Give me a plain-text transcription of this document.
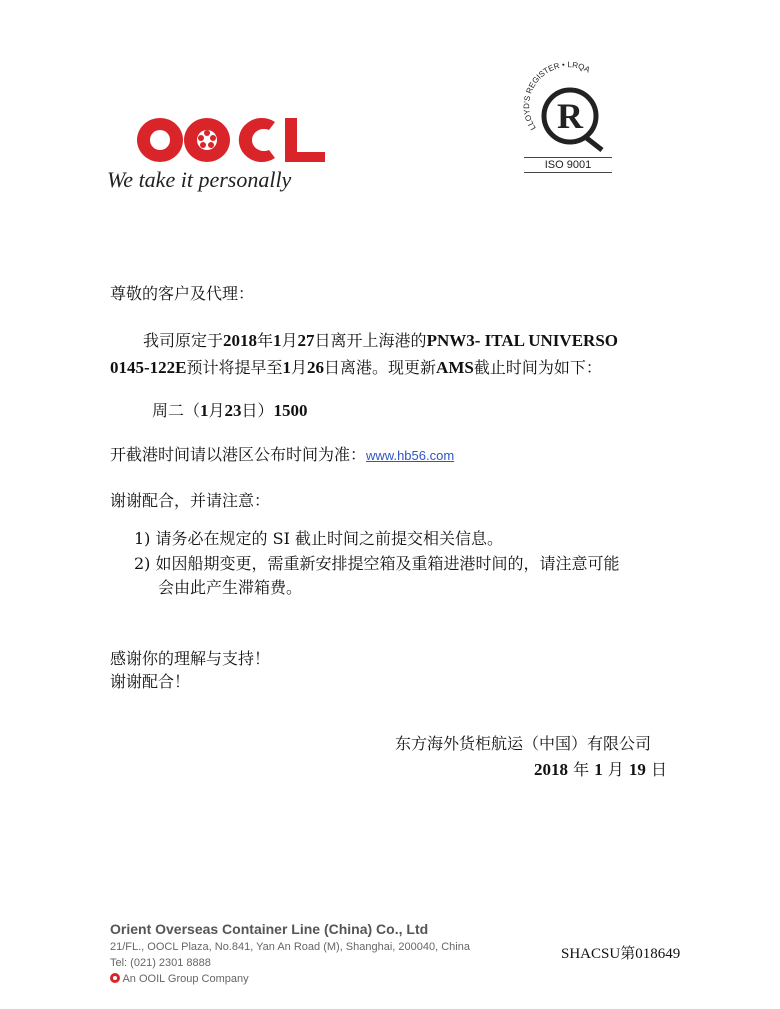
We take it personally
LLOYD'S REGISTER • LRQA
R
ISO 9001
尊敬的客户及代理：
我司原定于2018年1月27日离开上海港的PNW3- ITAL UNIVERSO
0145-122E预计将提早至1月26日离港。现更新AMS截止时间为如下：
周二（1月23日）1500
开截港时间请以港区公布时间为准：www.hb56.com
谢谢配合，并请注意：
1) 请务必在规定的 SI 截止时间之前提交相关信息。
2) 如因船期变更，需重新安排提空箱及重箱进港时间的，请注意可能
会由此产生滞箱费。
感谢你的理解与支持！
谢谢配合！
东方海外货柜航运（中国）有限公司
2018 年 1 月 19 日
Orient Overseas Container Line (China) Co., Ltd
21/FL., OOCL Plaza, No.841, Yan An Road (M), Shanghai, 200040, China
Tel: (021) 2301 8888
An OOIL Group Company
SHACSU第018649
